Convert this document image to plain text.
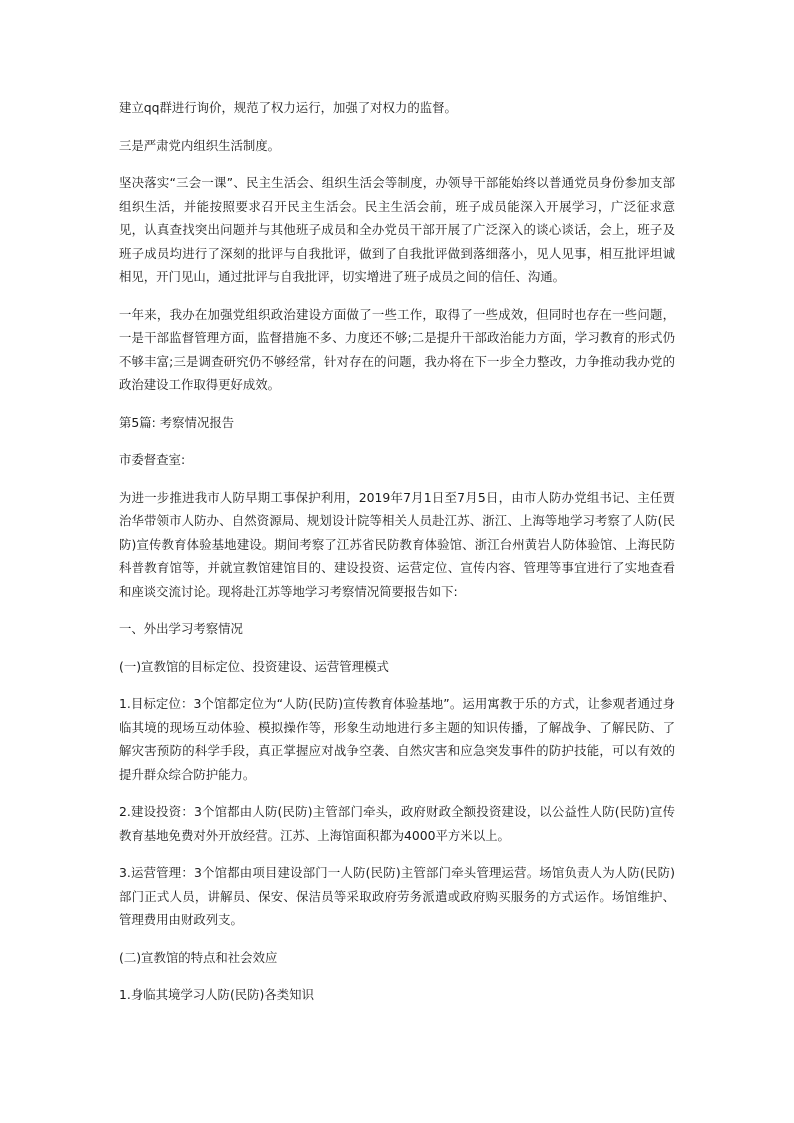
建立qq群进行询价，规范了权力运行，加强了对权力的监督。

三是严肃党内组织生活制度。

坚决落实“三会一课”、民主生活会、组织生活会等制度，办领导干部能始终以普通党员身份参加支部组织生活，并能按照要求召开民主生活会。民主生活会前，班子成员能深入开展学习，广泛征求意见，认真查找突出问题并与其他班子成员和全办党员干部开展了广泛深入的谈心谈话，会上，班子及班子成员均进行了深刻的批评与自我批评，做到了自我批评做到落细落小，见人见事，相互批评坦诚相见，开门见山，通过批评与自我批评，切实增进了班子成员之间的信任、沟通。

一年来，我办在加强党组织政治建设方面做了一些工作，取得了一些成效，但同时也存在一些问题，一是干部监督管理方面，监督措施不多、力度还不够;二是提升干部政治能力方面，学习教育的形式仍不够丰富;三是调查研究仍不够经常，针对存在的问题，我办将在下一步全力整改，力争推动我办党的政治建设工作取得更好成效。

第5篇: 考察情况报告

市委督查室:

为进一步推进我市人防早期工事保护利用，2019年7月1日至7月5日，由市人防办党组书记、主任贾治华带领市人防办、自然资源局、规划设计院等相关人员赴江苏、浙江、上海等地学习考察了人防(民防)宣传教育体验基地建设。期间考察了江苏省民防教育体验馆、浙江台州黄岩人防体验馆、上海民防科普教育馆等，并就宣教馆建馆目的、建设投资、运营定位、宣传内容、管理等事宜进行了实地查看和座谈交流讨论。现将赴江苏等地学习考察情况简要报告如下:

一、外出学习考察情况

(一)宣教馆的目标定位、投资建设、运营管理模式

1.目标定位：3个馆都定位为“人防(民防)宣传教育体验基地”。运用寓教于乐的方式，让参观者通过身临其境的现场互动体验、模拟操作等，形象生动地进行多主题的知识传播，了解战争、了解民防、了解灾害预防的科学手段，真正掌握应对战争空袭、自然灾害和应急突发事件的防护技能，可以有效的提升群众综合防护能力。

2.建设投资：3个馆都由人防(民防)主管部门牵头，政府财政全额投资建设，以公益性人防(民防)宣传教育基地免费对外开放经营。江苏、上海馆面积都为4000平方米以上。

3.运营管理：3个馆都由项目建设部门一人防(民防)主管部门牵头管理运营。场馆负责人为人防(民防)部门正式人员，讲解员、保安、保洁员等采取政府劳务派遣或政府购买服务的方式运作。场馆维护、管理费用由财政列支。

(二)宣教馆的特点和社会效应

1.身临其境学习人防(民防)各类知识
